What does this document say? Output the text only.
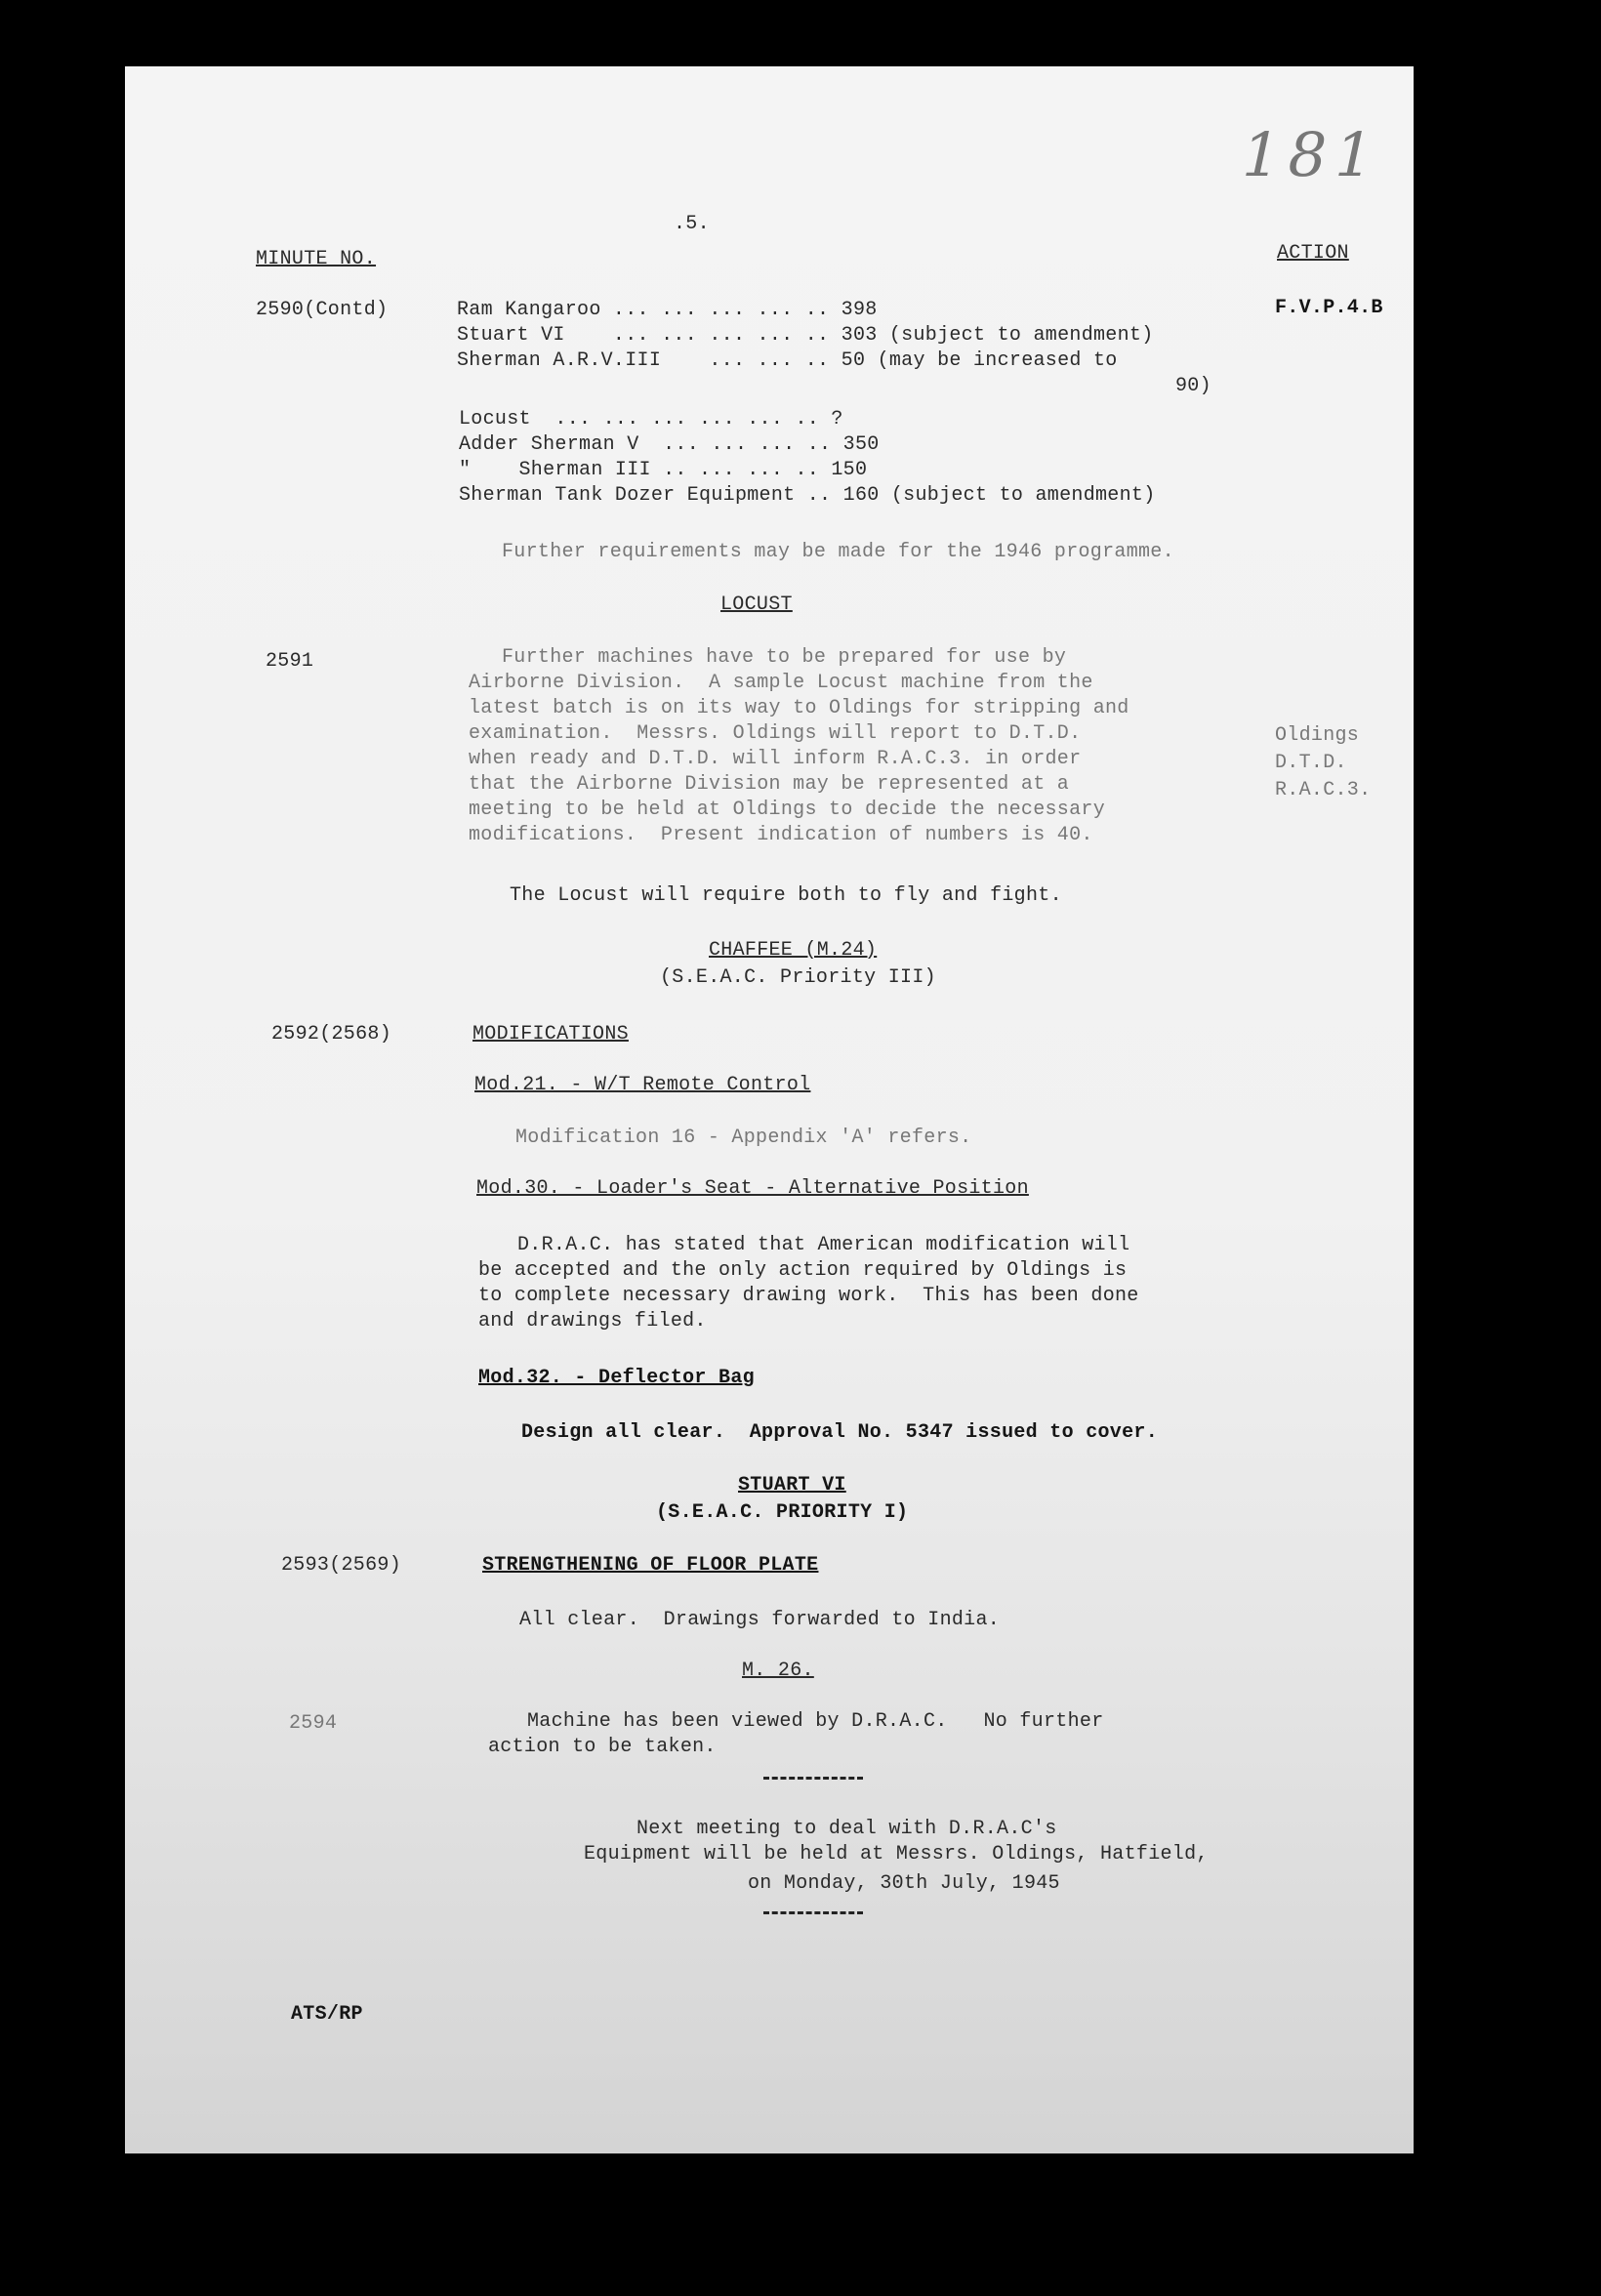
181
.5.
MINUTE NO.	ACTION
2590(Contd)	F.V.P.4.B
Ram Kangaroo ... ... ... ... .. 398
Stuart VI    ... ... ... ... .. 303 (subject to amendment)
Sherman A.R.V.III    ... ... .. 50 (may be increased to
90)
Locust  ... ... ... ... ... .. ?
Adder Sherman V  ... ... ... .. 350
"    Sherman III .. ... ... .. 150
Sherman Tank Dozer Equipment .. 160 (subject to amendment)
Further requirements may be made for the 1946 programme.
LOCUST
2591	Further machines have to be prepared for use by
Airborne Division.  A sample Locust machine from the
latest batch is on its way to Oldings for stripping and
examination.  Messrs. Oldings will report to D.T.D.
when ready and D.T.D. will inform R.A.C.3. in order
that the Airborne Division may be represented at a
meeting to be held at Oldings to decide the necessary
modifications.  Present indication of numbers is 40.
Oldings
D.T.D.
R.A.C.3.
The Locust will require both to fly and fight.
CHAFFEE (M.24)
(S.E.A.C. Priority III)
2592(2568)	MODIFICATIONS
Mod.21. - W/T Remote Control
Modification 16 - Appendix 'A' refers.
Mod.30. - Loader's Seat - Alternative Position
D.R.A.C. has stated that American modification will
be accepted and the only action required by Oldings is
to complete necessary drawing work.  This has been done
and drawings filed.
Mod.32. - Deflector Bag
Design all clear.  Approval No. 5347 issued to cover.
STUART VI
(S.E.A.C. PRIORITY I)
2593(2569)	STRENGTHENING OF FLOOR PLATE
All clear.  Drawings forwarded to India.
M. 26.
2594	Machine has been viewed by D.R.A.C.   No further
action to be taken.
Next meeting to deal with D.R.A.C's
Equipment will be held at Messrs. Oldings, Hatfield,
on Monday, 30th July, 1945
ATS/RP
